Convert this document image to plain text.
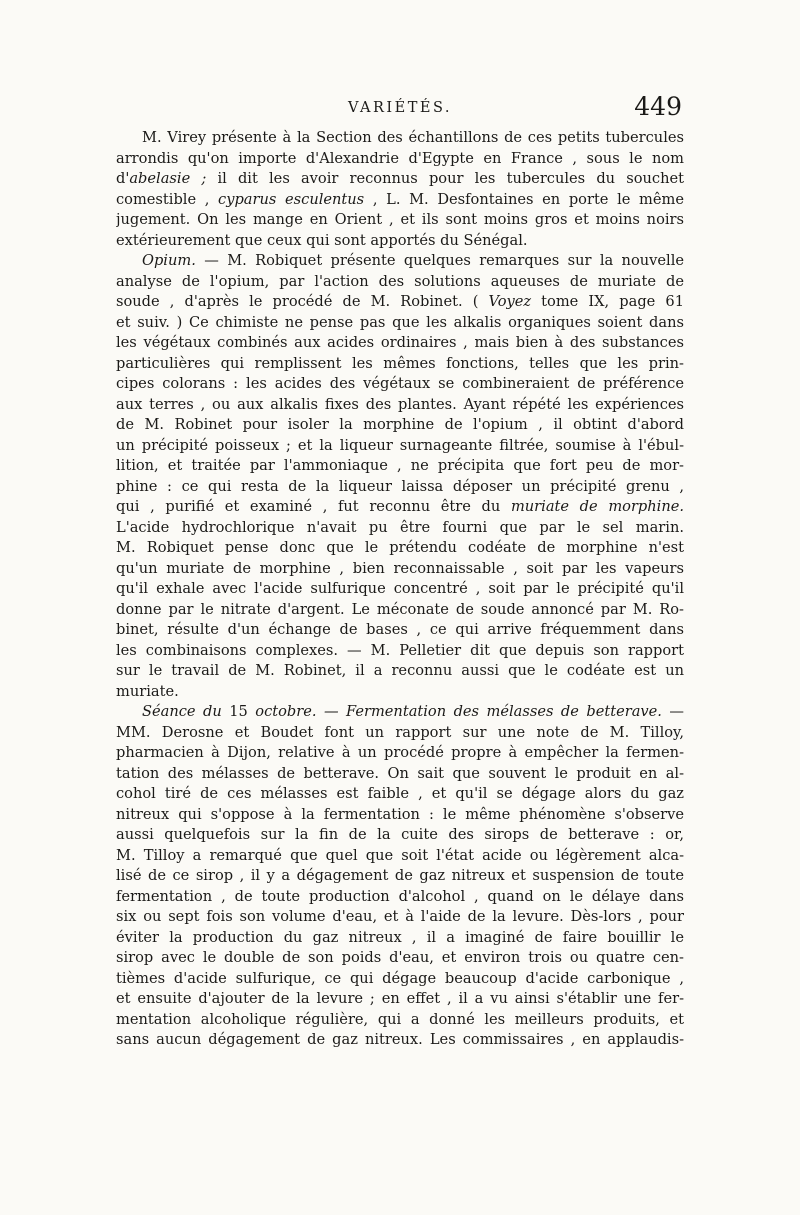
VARIÉTÉS.	449
M. Virey présente à la Section des échantillons de ces petits tubercules
arrondis qu'on importe d'Alexandrie d'Egypte en France , sous le nom
d'abelasie ; il dit les avoir reconnus pour les tubercules du souchet
comestible , cyparus esculentus , L. M. Desfontaines en porte le même
jugement. On les mange en Orient , et ils sont moins gros et moins noirs
extérieurement que ceux qui sont apportés du Sénégal.
Opium. — M. Robiquet présente quelques remarques sur la nouvelle
analyse de l'opium, par l'action des solutions aqueuses de muriate de
soude , d'après le procédé de M. Robinet. ( Voyez tome IX, page 61
et suiv. ) Ce chimiste ne pense pas que les alkalis organiques soient dans
les végétaux combinés aux acides ordinaires , mais bien à des substances
particulières qui remplissent les mêmes fonctions, telles que les prin-
cipes colorans : les acides des végétaux se combineraient de préférence
aux terres , ou aux alkalis fixes des plantes. Ayant répété les expériences
de M. Robinet pour isoler la morphine de l'opium , il obtint d'abord
un précipité poisseux ; et la liqueur surnageante filtrée, soumise à l'ébul-
lition, et traitée par l'ammoniaque , ne précipita que fort peu de mor-
phine : ce qui resta de la liqueur laissa déposer un précipité grenu ,
qui , purifié et examiné , fut reconnu être du muriate de morphine.
L'acide hydrochlorique n'avait pu être fourni que par le sel marin.
M. Robiquet pense donc que le prétendu codéate de morphine n'est
qu'un muriate de morphine , bien reconnaissable , soit par les vapeurs
qu'il exhale avec l'acide sulfurique concentré , soit par le précipité qu'il
donne par le nitrate d'argent. Le méconate de soude annoncé par M. Ro-
binet, résulte d'un échange de bases , ce qui arrive fréquemment dans
les combinaisons complexes. — M. Pelletier dit que depuis son rapport
sur le travail de M. Robinet, il a reconnu aussi que le codéate est un
muriate.
Séance du 15 octobre. — Fermentation des mélasses de betterave. —
MM. Derosne et Boudet font un rapport sur une note de M. Tilloy,
pharmacien à Dijon, relative à un procédé propre à empêcher la fermen-
tation des mélasses de betterave. On sait que souvent le produit en al-
cohol tiré de ces mélasses est faible , et qu'il se dégage alors du gaz
nitreux qui s'oppose à la fermentation : le même phénomène s'observe
aussi quelquefois sur la fin de la cuite des sirops de betterave : or,
M. Tilloy a remarqué que quel que soit l'état acide ou légèrement alca-
lisé de ce sirop , il y a dégagement de gaz nitreux et suspension de toute
fermentation , de toute production d'alcohol , quand on le délaye dans
six ou sept fois son volume d'eau, et à l'aide de la levure. Dès-lors , pour
éviter la production du gaz nitreux , il a imaginé de faire bouillir le
sirop avec le double de son poids d'eau, et environ trois ou quatre cen-
tièmes d'acide sulfurique, ce qui dégage beaucoup d'acide carbonique ,
et ensuite d'ajouter de la levure ; en effet , il a vu ainsi s'établir une fer-
mentation alcoholique régulière, qui a donné les meilleurs produits, et
sans aucun dégagement de gaz nitreux. Les commissaires , en applaudis-
